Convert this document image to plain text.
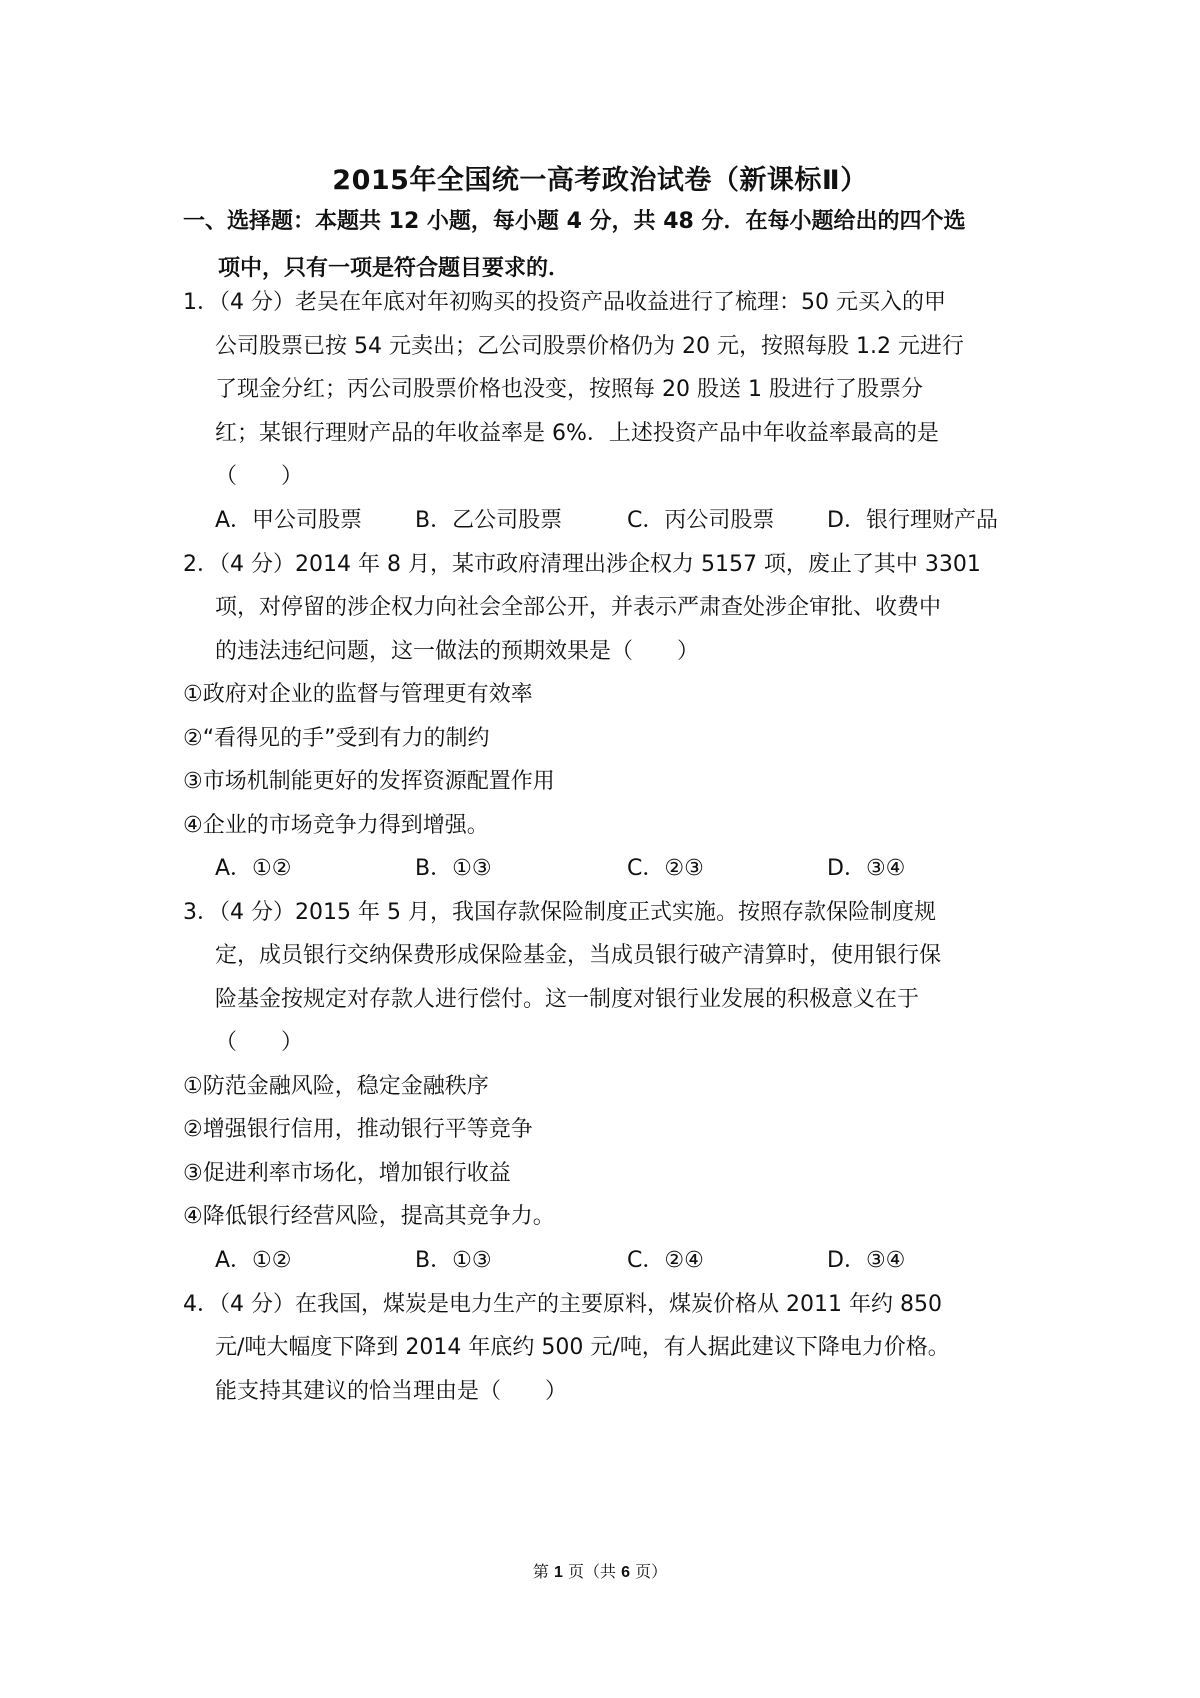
2015年全国统一高考政治试卷（新课标Ⅱ）
一、选择题：本题共 12 小题，每小题 4 分，共 48 分．在每小题给出的四个选
项中，只有一项是符合题目要求的．
1．（4 分）老吴在年底对年初购买的投资产品收益进行了梳理：50 元买入的甲
公司股票已按 54 元卖出；乙公司股票价格仍为 20 元，按照每股 1.2 元进行
了现金分红；丙公司股票价格也没变，按照每 20 股送 1 股进行了股票分
红；某银行理财产品的年收益率是 6%．上述投资产品中年收益率最高的是
（　　）
A．甲公司股票 B．乙公司股票	C．丙公司股票 D．银行理财产品
2．（4 分）2014 年 8 月，某市政府清理出涉企权力 5157 项，废止了其中 3301
项，对停留的涉企权力向社会全部公开，并表示严肃查处涉企审批、收费中
的违法违纪问题，这一做法的预期效果是（　　）
①政府对企业的监督与管理更有效率
②“看得见的手”受到有力的制约
③市场机制能更好的发挥资源配置作用
④企业的市场竞争力得到增强。
A．①②	B．①③	C．②③	D．③④
3．（4 分）2015 年 5 月，我国存款保险制度正式实施。按照存款保险制度规
定，成员银行交纳保费形成保险基金，当成员银行破产清算时，使用银行保
险基金按规定对存款人进行偿付。这一制度对银行业发展的积极意义在于
（　　）
①防范金融风险，稳定金融秩序
②增强银行信用，推动银行平等竞争
③促进利率市场化，增加银行收益
④降低银行经营风险，提高其竞争力。
A．①②	B．①③	C．②④	D．③④
4．（4 分）在我国，煤炭是电力生产的主要原料，煤炭价格从 2011 年约 850
元/吨大幅度下降到 2014 年底约 500 元/吨，有人据此建议下降电力价格。
能支持其建议的恰当理由是（　　）
第 1 页（共 6 页）
